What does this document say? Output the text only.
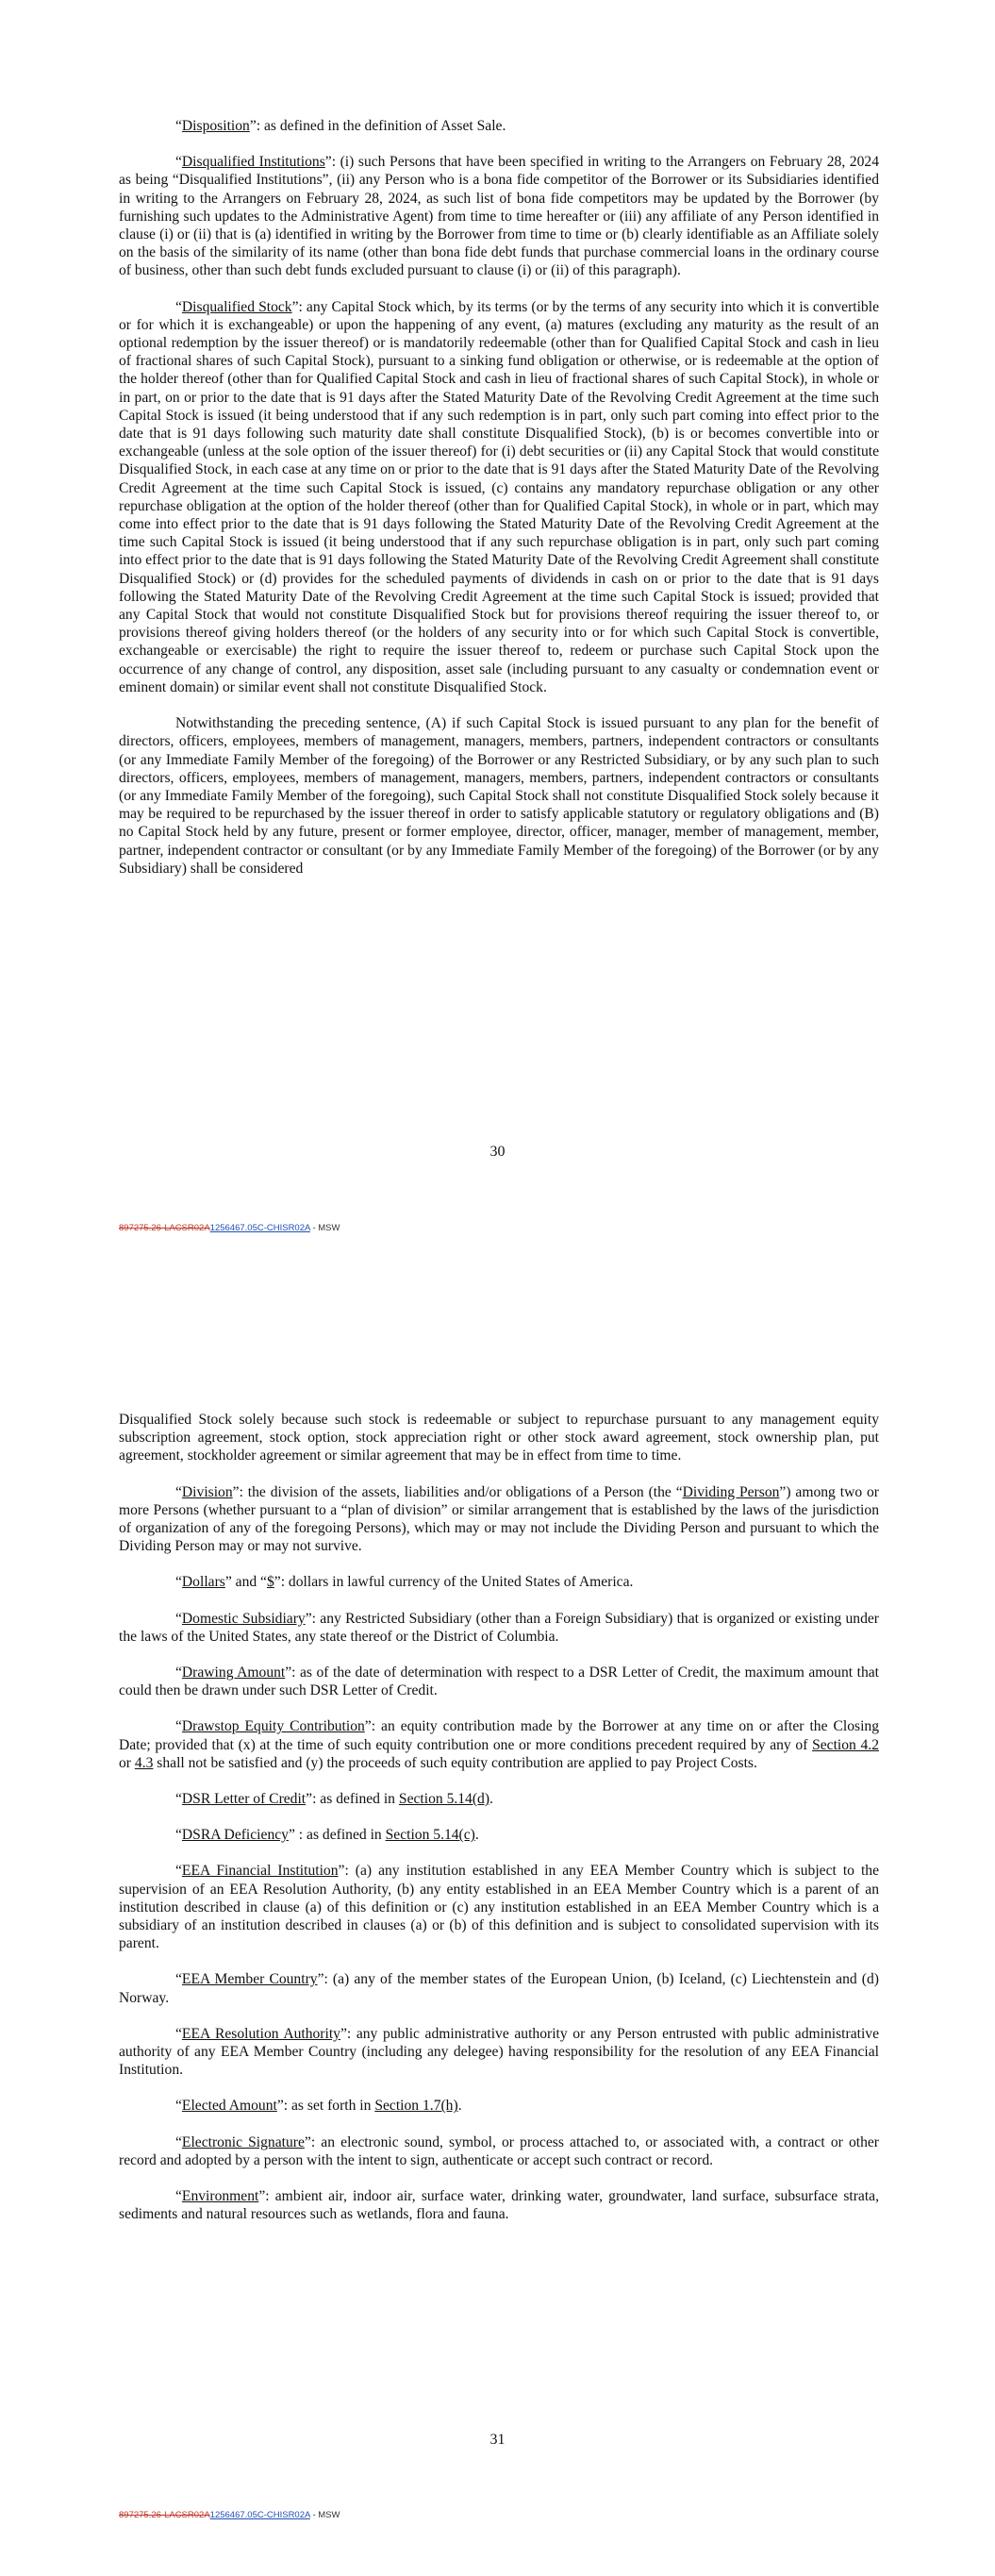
“Disposition”: as defined in the definition of Asset Sale.

“Disqualified Institutions”: (i) such Persons that have been specified in writing to the Arrangers on February 28, 2024 as being “Disqualified Institutions”, (ii) any Person who is a bona fide competitor of the Borrower or its Subsidiaries identified in writing to the Arrangers on February 28, 2024, as such list of bona fide competitors may be updated by the Borrower (by furnishing such updates to the Administrative Agent) from time to time hereafter or (iii) any affiliate of any Person identified in clause (i) or (ii) that is (a) identified in writing by the Borrower from time to time or (b) clearly identifiable as an Affiliate solely on the basis of the similarity of its name (other than bona fide debt funds that purchase commercial loans in the ordinary course of business, other than such debt funds excluded pursuant to clause (i) or (ii) of this paragraph).

“Disqualified Stock”: any Capital Stock which, by its terms (or by the terms of any security into which it is convertible or for which it is exchangeable) or upon the happening of any event, (a) matures (excluding any maturity as the result of an optional redemption by the issuer thereof) or is mandatorily redeemable (other than for Qualified Capital Stock and cash in lieu of fractional shares of such Capital Stock), pursuant to a sinking fund obligation or otherwise, or is redeemable at the option of the holder thereof (other than for Qualified Capital Stock and cash in lieu of fractional shares of such Capital Stock), in whole or in part, on or prior to the date that is 91 days after the Stated Maturity Date of the Revolving Credit Agreement at the time such Capital Stock is issued (it being understood that if any such redemption is in part, only such part coming into effect prior to the date that is 91 days following such maturity date shall constitute Disqualified Stock), (b) is or becomes convertible into or exchangeable (unless at the sole option of the issuer thereof) for (i) debt securities or (ii) any Capital Stock that would constitute Disqualified Stock, in each case at any time on or prior to the date that is 91 days after the Stated Maturity Date of the Revolving Credit Agreement at the time such Capital Stock is issued, (c) contains any mandatory repurchase obligation or any other repurchase obligation at the option of the holder thereof (other than for Qualified Capital Stock), in whole or in part, which may come into effect prior to the date that is 91 days following the Stated Maturity Date of the Revolving Credit Agreement at the time such Capital Stock is issued (it being understood that if any such repurchase obligation is in part, only such part coming into effect prior to the date that is 91 days following the Stated Maturity Date of the Revolving Credit Agreement shall constitute Disqualified Stock) or (d) provides for the scheduled payments of dividends in cash on or prior to the date that is 91 days following the Stated Maturity Date of the Revolving Credit Agreement at the time such Capital Stock is issued; provided that any Capital Stock that would not constitute Disqualified Stock but for provisions thereof requiring the issuer thereof to, or provisions thereof giving holders thereof (or the holders of any security into or for which such Capital Stock is convertible, exchangeable or exercisable) the right to require the issuer thereof to, redeem or purchase such Capital Stock upon the occurrence of any change of control, any disposition, asset sale (including pursuant to any casualty or condemnation event or eminent domain) or similar event shall not constitute Disqualified Stock.

Notwithstanding the preceding sentence, (A) if such Capital Stock is issued pursuant to any plan for the benefit of directors, officers, employees, members of management, managers, members, partners, independent contractors or consultants (or any Immediate Family Member of the foregoing) of the Borrower or any Restricted Subsidiary, or by any such plan to such directors, officers, employees, members of management, managers, members, partners, independent contractors or consultants (or any Immediate Family Member of the foregoing), such Capital Stock shall not constitute Disqualified Stock solely because it may be required to be repurchased by the issuer thereof in order to satisfy applicable statutory or regulatory obligations and (B) no Capital Stock held by any future, present or former employee, director, officer, manager, member of management, member, partner, independent contractor or consultant (or by any Immediate Family Member of the foregoing) of the Borrower (or by any Subsidiary) shall be considered

30
897275.26-LACSR02A1256467.05C-CHISR02A - MSW

Disqualified Stock solely because such stock is redeemable or subject to repurchase pursuant to any management equity subscription agreement, stock option, stock appreciation right or other stock award agreement, stock ownership plan, put agreement, stockholder agreement or similar agreement that may be in effect from time to time.

“Division”: the division of the assets, liabilities and/or obligations of a Person (the “Dividing Person”) among two or more Persons (whether pursuant to a “plan of division” or similar arrangement that is established by the laws of the jurisdiction of organization of any of the foregoing Persons), which may or may not include the Dividing Person and pursuant to which the Dividing Person may or may not survive.

“Dollars” and “$”: dollars in lawful currency of the United States of America.

“Domestic Subsidiary”: any Restricted Subsidiary (other than a Foreign Subsidiary) that is organized or existing under the laws of the United States, any state thereof or the District of Columbia.

“Drawing Amount”: as of the date of determination with respect to a DSR Letter of Credit, the maximum amount that could then be drawn under such DSR Letter of Credit.

“Drawstop Equity Contribution”: an equity contribution made by the Borrower at any time on or after the Closing Date; provided that (x) at the time of such equity contribution one or more conditions precedent required by any of Section 4.2 or 4.3 shall not be satisfied and (y) the proceeds of such equity contribution are applied to pay Project Costs.

“DSR Letter of Credit”: as defined in Section 5.14(d).

“DSRA Deficiency” : as defined in Section 5.14(c).

“EEA Financial Institution”: (a) any institution established in any EEA Member Country which is subject to the supervision of an EEA Resolution Authority, (b) any entity established in an EEA Member Country which is a parent of an institution described in clause (a) of this definition or (c) any institution established in an EEA Member Country which is a subsidiary of an institution described in clauses (a) or (b) of this definition and is subject to consolidated supervision with its parent.

“EEA Member Country”: (a) any of the member states of the European Union, (b) Iceland, (c) Liechtenstein and (d) Norway.

“EEA Resolution Authority”: any public administrative authority or any Person entrusted with public administrative authority of any EEA Member Country (including any delegee) having responsibility for the resolution of any EEA Financial Institution.

“Elected Amount”: as set forth in Section 1.7(h).

“Electronic Signature”: an electronic sound, symbol, or process attached to, or associated with, a contract or other record and adopted by a person with the intent to sign, authenticate or accept such contract or record.

“Environment”: ambient air, indoor air, surface water, drinking water, groundwater, land surface, subsurface strata, sediments and natural resources such as wetlands, flora and fauna.

31
897275.26-LACSR02A1256467.05C-CHISR02A - MSW
